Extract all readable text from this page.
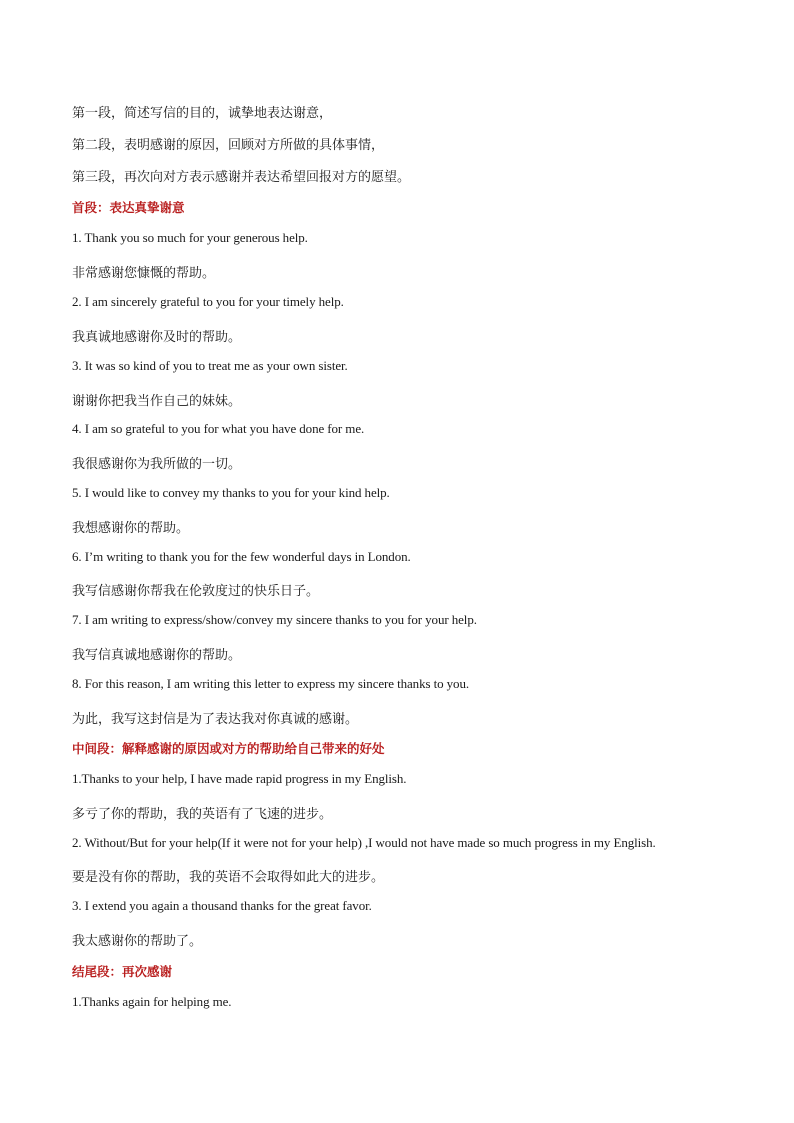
第一段，简述写信的目的，诚挚地表达谢意，
第二段，表明感谢的原因，回顾对方所做的具体事情，
第三段，再次向对方表示感谢并表达希望回报对方的愿望。
首段：表达真挚谢意
1. Thank you so much for your generous help.
非常感谢您慷慨的帮助。
2. I am sincerely grateful to you for your timely help.
我真诚地感谢你及时的帮助。
3. It was so kind of you to treat me as your own sister.
谢谢你把我当作自己的妹妹。
4. I am so grateful to you for what you have done for me.
我很感谢你为我所做的一切。
5. I would like to convey my thanks to you for your kind help.
我想感谢你的帮助。
6. I’m writing to thank you for the few wonderful days in London.
我写信感谢你帮我在伦敦度过的快乐日子。
7. I am writing to express/show/convey my sincere thanks to you for your help.
我写信真诚地感谢你的帮助。
8. For this reason, I am writing this letter to express my sincere thanks to you.
为此，我写这封信是为了表达我对你真诚的感谢。
中间段：解释感谢的原因或对方的帮助给自己带来的好处
1.Thanks to your help, I have made rapid progress in my English.
多亏了你的帮助，我的英语有了飞速的进步。
2. Without/But for your help(If it were not for your help) ,I would not have made so much progress in my English.
要是没有你的帮助，我的英语不会取得如此大的进步。
3. I extend you again a thousand thanks for the great favor.
我太感谢你的帮助了。
结尾段：再次感谢
1.Thanks again for helping me.
